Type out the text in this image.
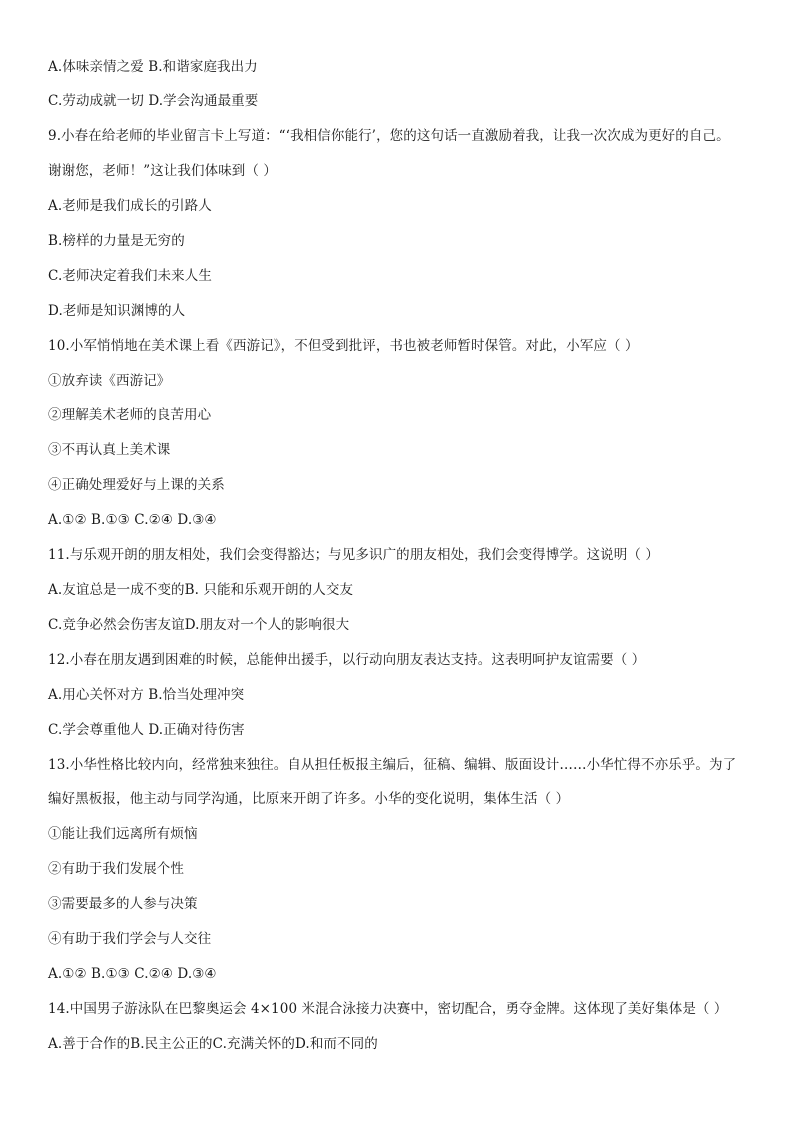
A.体味亲情之爱 B.和谐家庭我出力
C.劳动成就一切 D.学会沟通最重要
9.小春在给老师的毕业留言卡上写道：“‘我相信你能行’，您的这句话一直激励着我，让我一次次成为更好的自己。
谢谢您，老师！”这让我们体味到（ ）
A.老师是我们成长的引路人
B.榜样的力量是无穷的
C.老师决定着我们未来人生
D.老师是知识渊博的人
10.小军悄悄地在美术课上看《西游记》，不但受到批评，书也被老师暂时保管。对此，小军应（ ）
①放弃读《西游记》
②理解美术老师的良苦用心
③不再认真上美术课
④正确处理爱好与上课的关系
A.①② B.①③ C.②④ D.③④
11.与乐观开朗的朋友相处，我们会变得豁达；与见多识广的朋友相处，我们会变得博学。这说明（ ）
A.友谊总是一成不变的B. 只能和乐观开朗的人交友
C.竞争必然会伤害友谊D.朋友对一个人的影响很大
12.小春在朋友遇到困难的时候，总能伸出援手，以行动向朋友表达支持。这表明呵护友谊需要（ ）
A.用心关怀对方 B.恰当处理冲突
C.学会尊重他人 D.正确对待伤害
13.小华性格比较内向，经常独来独往。自从担任板报主编后，征稿、编辑、版面设计……小华忙得不亦乐乎。为了
编好黑板报，他主动与同学沟通，比原来开朗了许多。小华的变化说明，集体生活（ ）
①能让我们远离所有烦恼
②有助于我们发展个性
③需要最多的人参与决策
④有助于我们学会与人交往
A.①② B.①③ C.②④ D.③④
14.中国男子游泳队在巴黎奥运会 4×100 米混合泳接力决赛中，密切配合，勇夺金牌。这体现了美好集体是（ ）
A.善于合作的B.民主公正的C.充满关怀的D.和而不同的
